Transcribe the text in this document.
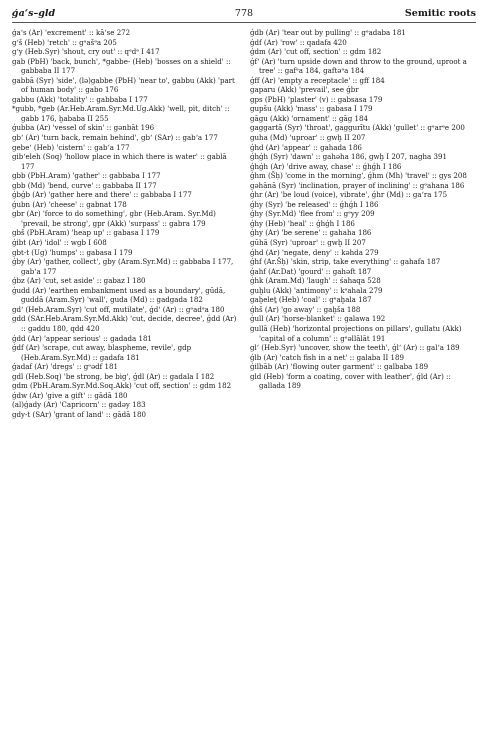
ǵaʻs–gld	778	Semitic roots

ǵaʻs (Ar) 'excrement' :: kāʻse 272

gʻš (Heb) 'retch' :: gᵊašᵊa 205

gʻy (Heb.Syr) 'shout, cry out' :: qᵊdᵊ I 417

gab (PbH) 'back, bunch', *gabbe- (Heb) 'bosses on a shield' :: gabbaba II 177

gabbā (Syr) 'side', (lə)gabbe (PbH) 'near to', gabbu (Akk) 'part of human body' :: gabo 176

gabbu (Akk) 'totality' :: gabbaba I 177

*gubb, *geb (Ar.Heb.Aram.Syr.Md.Ug.Akk) 'well, pit, ditch' :: gabb 176, ḫababa II 255

ǵubba (Ar) 'vessel of skin' :: gənbāt 196

gbʻ (Ar) 'turn back, remain behind', gbʻ (SAr) :: gabʻa 177

gebeʻ (Heb) 'cistern' :: gabʻa 177

gibʻeleh (Soq) 'hollow place in which there is water' :: gablā 177

gbb (PbH.Aram) 'gather' :: gabbaba I 177

gbb (Md) 'bend, curve' :: gabbaba II 177

ǵbǵb (Ar) 'gather here and there' :: gabbaba I 177

ǵubn (Ar) 'cheese' :: gabnat 178

gbr (Ar) 'force to do something', gbr (Heb.Aram. Syr.Md) 'prevail, be strong', gpr (Akk) 'surpass' :: gabra 179

gbš (PbH.Aram) 'heap up' :: gabasa I 179

ǵibt (Ar) 'idol' :: wgb I 608

gbt-t (Ug) 'humps' :: gabasa I 179

ǵby (Ar) 'gather, collect', gby (Aram.Syr.Md) :: gabbaba I 177, gabʻa 177

ǵbz (Ar) 'cut, set aside' :: gabaz I 180

ǵudd (Ar) 'earthen embankment used as a boundary', gūdā, guddā (Aram.Syr) 'wall', guda (Md) :: gadgada 182

gdʻ (Heb.Aram.Syr) 'cut off, mutilate', ǵdʻ (Ar) :: gᵊadᵊa 180

gdd (SAr.Heb.Aram.Syr.Md.Akk) 'cut, decide, decree', ǵdd (Ar) :: gəddu 180, qdd 420

ǵdd (Ar) 'appear serious' :: gadada 181

ǵdf (Ar) 'scrape, cut away, blaspheme, revile', gdp (Heb.Aram.Syr.Md) :: gadafa 181

ǵadaf (Ar) 'dregs' :: gᵊədf 181

gdl (Heb.Soq) 'be strong, be big', ǵdl (Ar) :: gadala I 182

gdm (PbH.Aram.Syr.Md.Soq.Akk) 'cut off, section' :: gdm 182

ǵdw (Ar) 'give a gift' :: gādā 180

(al)ǵady (Ar) 'Capricorn' :: gadəy 183

gdy-t (SAr) 'grant of land' :: gādā 180

ǵdb (Ar) 'tear out by pulling' :: gᵊadaba 181

ǵdf (Ar) 'row' :: qadafa 420

ǵdm (Ar) 'cut off, section' :: gdm 182

ǵfʻ (Ar) 'turn upside down and throw to the ground, uproot a tree' :: gafᵊa 184, gaftəᵊa 184

ǵff (Ar) 'empty a receptacle' :: gff 184

gaparu (Akk) 'prevail', see ǵbr

gps (PbH) 'plaster' (v) :: gabsasa 179

gupšu (Akk) 'mass' :: gabasa I 179

gāgu (Akk) 'ornament' :: gāg 184

gaggartā (Syr) 'throat', gaggurītu (Akk) 'gullet' :: gᵊarᵊe 200

guha (Md) 'uproar' :: gwḫ II 207

ǵhd (Ar) 'appear' :: gahada 186

ǵhǵh (Syr) 'dawn' :: gahəha 186, gwḫ I 207, nagha 391

ǵhǵh (Ar) 'drive away, chase' :: ǵhǵh I 186

ǵhm (Šḥ) 'come in the morning', ǵhm (Mh) 'travel' :: gys 208

gəhānā (Syr) 'inclination, prayer of inclining' :: gᵊahana 186

ǵhr (Ar) 'be loud (voice), vibrate', ǵhr (Md) :: gaʻra 175

ǵhy (Syr) 'be released' :: ǵhǵh I 186

ǵhy (Syr.Md) 'flee from' :: gᵊyy 209

ǵhy (Heb) 'heal' :: ǵhǵh I 186

ǵhy (Ar) 'be serene' :: gahaha 186

gūhā (Syr) 'uproar' :: gwḫ II 207

ǵhd (Ar) 'negate, deny' :: kəhda 279

ǵhf (Ar.Šḥ) 'skin, strip, take everything' :: gahafa 187

ǵahf (Ar.Dat) 'gourd' :: gahəft 187

ǵhk (Aram.Md) 'laugh' :: śahaqa 528

guḫlu (Akk) 'antimony' :: kᵊahala 279

gaḫeleṯ (Heb) 'coal' :: gᵊaḫala 187

ǵhš (Ar) 'go away' :: gaḫša 188

ǵull (Ar) 'horse-blanket' :: galawa 192

gullā (Heb) 'horizontal projections on pillars', gullatu (Akk) 'capital of a column' :: gᵊəllālāt 191

glʻ (Heb.Syr) 'uncover, show the teeth', ǵlʻ (Ar) :: galʻa 189

ǵlb (Ar) 'catch fish in a net' :: galaba II 189

ǵilbāb (Ar) 'flowing outer garment' :: galbaba 189

gld (Heb) 'form a coating, cover with leather', ǵld (Ar) :: gallada 189
